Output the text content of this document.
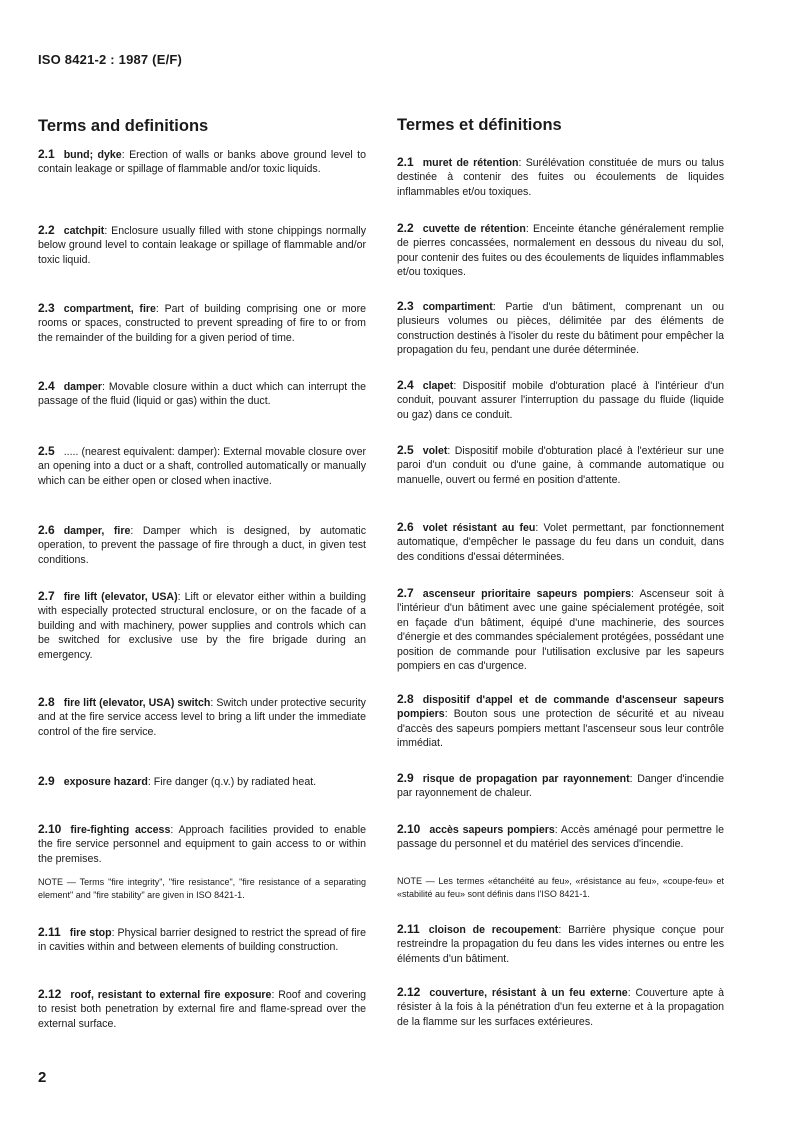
ISO 8421-2 : 1987 (E/F)
Terms and definitions	Termes et définitions

2.1 bund; dyke: Erection of walls or banks above ground level to contain leakage or spillage of flammable and/or toxic liquids.

2.2 catchpit: Enclosure usually filled with stone chippings normally below ground level to contain leakage or spillage of flammable and/or toxic liquid.

2.3 compartment, fire: Part of building comprising one or more rooms or spaces, constructed to prevent spreading of fire to or from the remainder of the building for a given period of time.

2.4 damper: Movable closure within a duct which can interrupt the passage of the fluid (liquid or gas) within the duct.

2.5 ..... (nearest equivalent: damper): External movable closure over an opening into a duct or a shaft, controlled automatically or manually which can be either open or closed when inactive.

2.6 damper, fire: Damper which is designed, by automatic operation, to prevent the passage of fire through a duct, in given test conditions.

2.7 fire lift (elevator, USA): Lift or elevator either within a building with especially protected structural enclosure, or on the facade of a building and with machinery, power supplies and controls which can be switched for exclusive use by the fire brigade during an emergency.

2.8 fire lift (elevator, USA) switch: Switch under protective security and at the fire service access level to bring a lift under the immediate control of the fire service.

2.9 exposure hazard: Fire danger (q.v.) by radiated heat.

2.10 fire-fighting access: Approach facilities provided to enable the fire service personnel and equipment to gain access to or within the premises.

NOTE — Terms "fire integrity", "fire resistance", "fire resistance of a separating element" and "fire stability" are given in ISO 8421-1.

2.11 fire stop: Physical barrier designed to restrict the spread of fire in cavities within and between elements of building construction.

2.12 roof, resistant to external fire exposure: Roof and covering to resist both penetration by external fire and flame-spread over the external surface.

2.1 muret de rétention: Surélévation constituée de murs ou talus destinée à contenir des fuites ou écoulements de liquides inflammables et/ou toxiques.

2.2 cuvette de rétention: Enceinte étanche généralement remplie de pierres concassées, normalement en dessous du niveau du sol, pour contenir des fuites ou des écoulements de liquides inflammables et/ou toxiques.

2.3 compartiment: Partie d'un bâtiment, comprenant un ou plusieurs volumes ou pièces, délimitée par des éléments de construction destinés à l'isoler du reste du bâtiment pour empêcher la propagation du feu, pendant une durée déterminée.

2.4 clapet: Dispositif mobile d'obturation placé à l'intérieur d'un conduit, pouvant assurer l'interruption du passage du fluide (liquide ou gaz) dans ce conduit.

2.5 volet: Dispositif mobile d'obturation placé à l'extérieur sur une paroi d'un conduit ou d'une gaine, à commande automatique ou manuelle, ouvert ou fermé en position d'attente.

2.6 volet résistant au feu: Volet permettant, par fonctionnement automatique, d'empêcher le passage du feu dans un conduit, dans des conditions d'essai déterminées.

2.7 ascenseur prioritaire sapeurs pompiers: Ascenseur soit à l'intérieur d'un bâtiment avec une gaine spécialement protégée, soit en façade d'un bâtiment, équipé d'une machinerie, des sources d'énergie et des commandes spécialement protégées, possédant une position de commande pour l'utilisation exclusive par les sapeurs pompiers en cas d'urgence.

2.8 dispositif d'appel et de commande d'ascenseur sapeurs pompiers: Bouton sous une protection de sécurité et au niveau d'accès des sapeurs pompiers mettant l'ascenseur sous leur contrôle immédiat.

2.9 risque de propagation par rayonnement: Danger d'incendie par rayonnement de chaleur.

2.10 accès sapeurs pompiers: Accès aménagé pour permettre le passage du personnel et du matériel des services d'incendie.

NOTE — Les termes «étanchéité au feu», «résistance au feu», «coupe-feu» et «stabilité au feu» sont définis dans l'ISO 8421-1.

2.11 cloison de recoupement: Barrière physique conçue pour restreindre la propagation du feu dans les vides internes ou entre les éléments d'un bâtiment.

2.12 couverture, résistant à un feu externe: Couverture apte à résister à la fois à la pénétration d'un feu externe et à la propagation de la flamme sur les surfaces extérieures.

2
